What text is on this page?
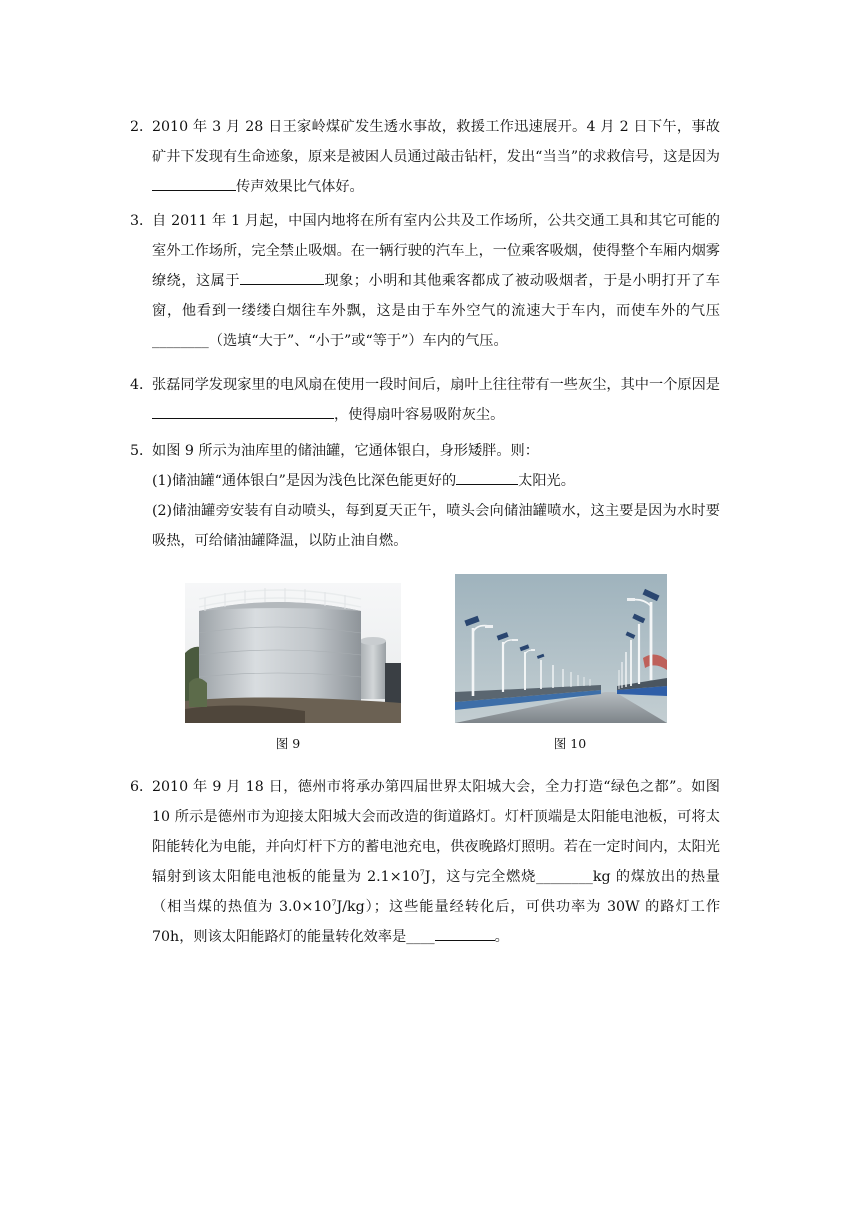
2．
2010 年 3 月 28 日王家岭煤矿发生透水事故，救援工作迅速展开。4 月 2 日下午，事故矿井下发现有生命迹象，原来是被困人员通过敲击钻杆，发出“当当”的求救信号，这是因为传声效果比气体好。
3．
自 2011 年 1 月起，中国内地将在所有室内公共及工作场所，公共交通工具和其它可能的室外工作场所，完全禁止吸烟。在一辆行驶的汽车上，一位乘客吸烟，使得整个车厢内烟雾缭绕，这属于	现象；小明和其他乘客都成了被动吸烟者，于是小明打开了车窗，他看到一缕缕白烟往车外飘，这是由于车外空气的流速大于车内，而使车外的气压________（选填“大于”、“小于”或“等于”）车内的气压。
4．
张磊同学发现家里的电风扇在使用一段时间后，扇叶上往往带有一些灰尘，其中一个原因是，使得扇叶容易吸附灰尘。
5．
如图 9 所示为油库里的储油罐，它通体银白，身形矮胖。则：
(1)储油罐“通体银白”是因为浅色比深色能更好的	太阳光。
(2)储油罐旁安装有自动喷头，每到夏天正午，喷头会向储油罐喷水，这主要是因为水时要吸热，可给储油罐降温，以防止油自燃。
图 9	图 10
6．
2010 年 9 月 18 日，德州市将承办第四届世界太阳城大会，全力打造“绿色之都”。如图 10 所示是德州市为迎接太阳城大会而改造的街道路灯。灯杆顶端是太阳能电池板，可将太阳能转化为电能，并向灯杆下方的蓄电池充电，供夜晚路灯照明。若在一定时间内，太阳光辐射到该太阳能电池板的能量为 $2.1\times 10^7J$，这与完全燃烧________kg 的煤放出的热量（相当煤的热值为 $3.0\times 10^7J/kg$）；这些能量经转化后，可供功率为 30W 的路灯工作 70h，则该太阳能路灯的能量转化效率是____	。
